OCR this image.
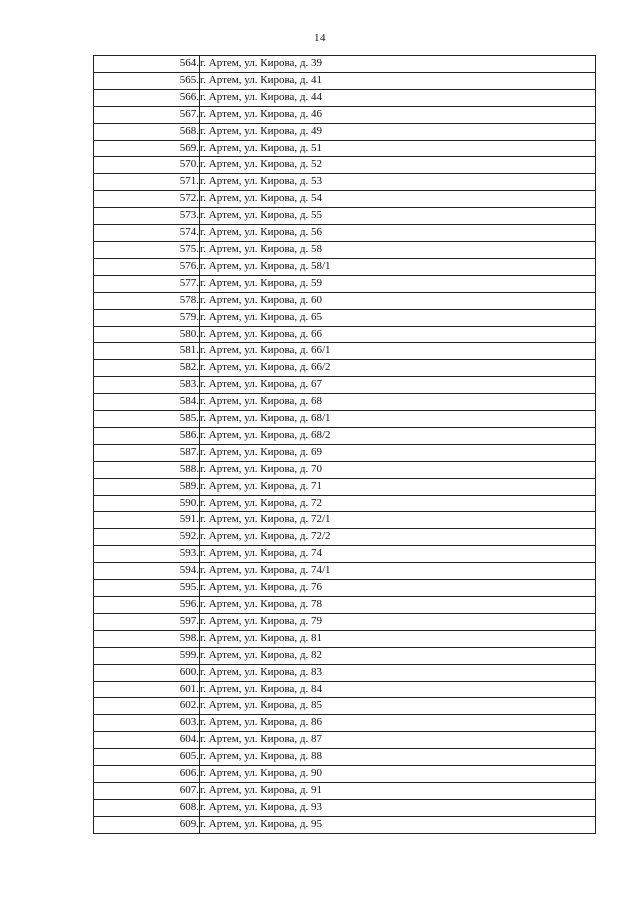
14
564.	г. Артем, ул. Кирова, д. 39
565.	г. Артем, ул. Кирова, д. 41
566.	г. Артем, ул. Кирова, д. 44
567.	г. Артем, ул. Кирова, д. 46
568.	г. Артем, ул. Кирова, д. 49
569.	г. Артем, ул. Кирова, д. 51
570.	г. Артем, ул. Кирова, д. 52
571.	г. Артем, ул. Кирова, д. 53
572.	г. Артем, ул. Кирова, д. 54
573.	г. Артем, ул. Кирова, д. 55
574.	г. Артем, ул. Кирова, д. 56
575.	г. Артем, ул. Кирова, д. 58
576.	г. Артем, ул. Кирова, д. 58/1
577.	г. Артем, ул. Кирова, д. 59
578.	г. Артем, ул. Кирова, д. 60
579.	г. Артем, ул. Кирова, д. 65
580.	г. Артем, ул. Кирова, д. 66
581.	г. Артем, ул. Кирова, д. 66/1
582.	г. Артем, ул. Кирова, д. 66/2
583.	г. Артем, ул. Кирова, д. 67
584.	г. Артем, ул. Кирова, д. 68
585.	г. Артем, ул. Кирова, д. 68/1
586.	г. Артем, ул. Кирова, д. 68/2
587.	г. Артем, ул. Кирова, д. 69
588.	г. Артем, ул. Кирова, д. 70
589.	г. Артем, ул. Кирова, д. 71
590.	г. Артем, ул. Кирова, д. 72
591.	г. Артем, ул. Кирова, д. 72/1
592.	г. Артем, ул. Кирова, д. 72/2
593.	г. Артем, ул. Кирова, д. 74
594.	г. Артем, ул. Кирова, д. 74/1
595.	г. Артем, ул. Кирова, д. 76
596.	г. Артем, ул. Кирова, д. 78
597.	г. Артем, ул. Кирова, д. 79
598.	г. Артем, ул. Кирова, д. 81
599.	г. Артем, ул. Кирова, д. 82
600.	г. Артем, ул. Кирова, д. 83
601.	г. Артем, ул. Кирова, д. 84
602.	г. Артем, ул. Кирова, д. 85
603.	г. Артем, ул. Кирова, д. 86
604.	г. Артем, ул. Кирова, д. 87
605.	г. Артем, ул. Кирова, д. 88
606.	г. Артем, ул. Кирова, д. 90
607.	г. Артем, ул. Кирова, д. 91
608.	г. Артем, ул. Кирова, д. 93
609.	г. Артем, ул. Кирова, д. 95
